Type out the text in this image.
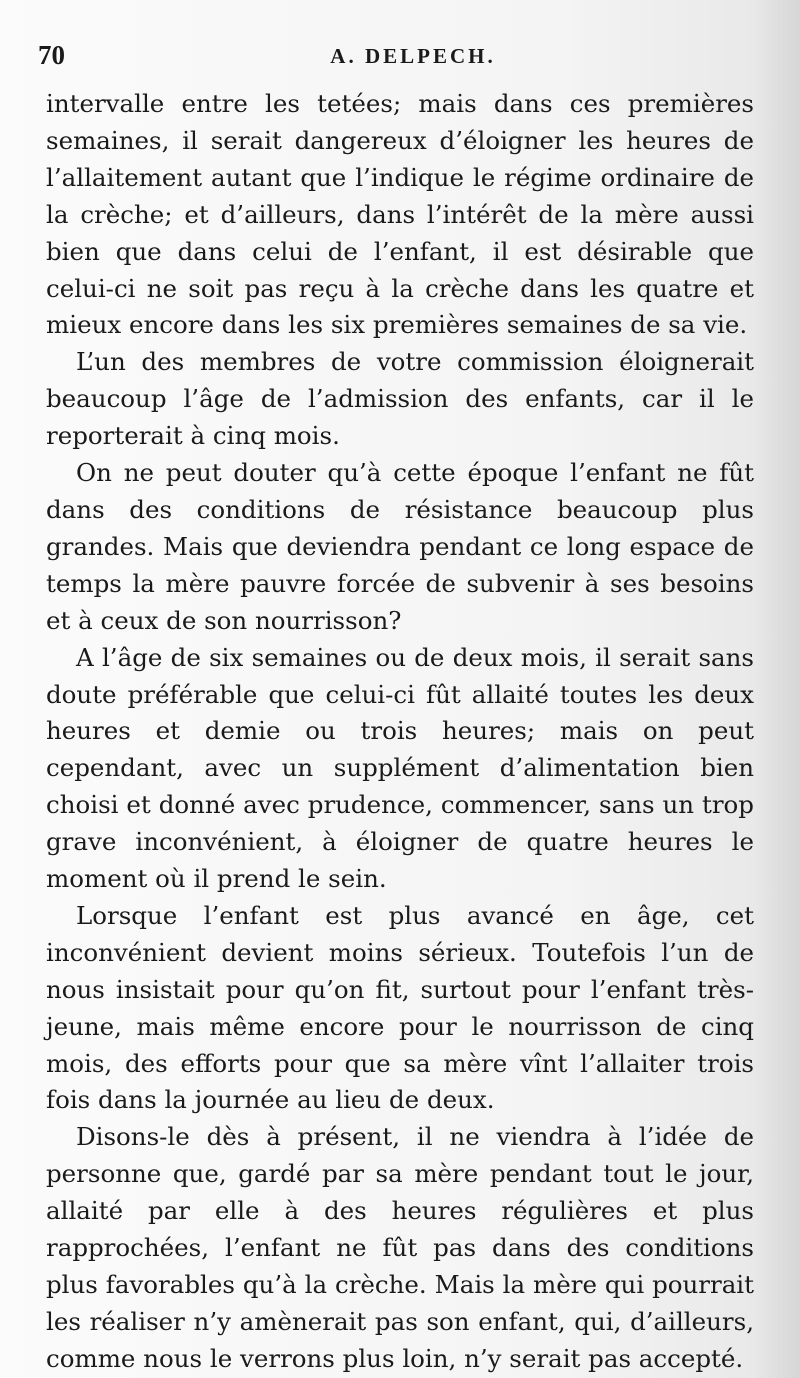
70	A. DELPECH.

intervalle entre les tetées; mais dans ces premières semaines, il serait dangereux d’éloigner les heures de l’allaitement autant que l’indique le régime ordinaire de la crèche; et d’ailleurs, dans l’intérêt de la mère aussi bien que dans celui de l’enfant, il est désirable que celui-ci ne soit pas reçu à la crèche dans les quatre et mieux encore dans les six premières semaines de sa vie.

L’un des membres de votre commission éloignerait beaucoup l’âge de l’admission des enfants, car il le reporterait à cinq mois.

On ne peut douter qu’à cette époque l’enfant ne fût dans des conditions de résistance beaucoup plus grandes. Mais que deviendra pendant ce long espace de temps la mère pauvre forcée de subvenir à ses besoins et à ceux de son nourrisson?

A l’âge de six semaines ou de deux mois, il serait sans doute préférable que celui-ci fût allaité toutes les deux heures et demie ou trois heures; mais on peut cependant, avec un supplément d’alimentation bien choisi et donné avec prudence, commencer, sans un trop grave inconvénient, à éloigner de quatre heures le moment où il prend le sein.

Lorsque l’enfant est plus avancé en âge, cet inconvénient devient moins sérieux. Toutefois l’un de nous insistait pour qu’on fit, surtout pour l’enfant très-jeune, mais même encore pour le nourrisson de cinq mois, des efforts pour que sa mère vînt l’allaiter trois fois dans la journée au lieu de deux.

Disons-le dès à présent, il ne viendra à l’idée de personne que, gardé par sa mère pendant tout le jour, allaité par elle à des heures régulières et plus rapprochées, l’enfant ne fût pas dans des conditions plus favorables qu’à la crèche. Mais la mère qui pourrait les réaliser n’y amènerait pas son enfant, qui, d’ailleurs, comme nous le verrons plus loin, n’y serait pas accepté.
